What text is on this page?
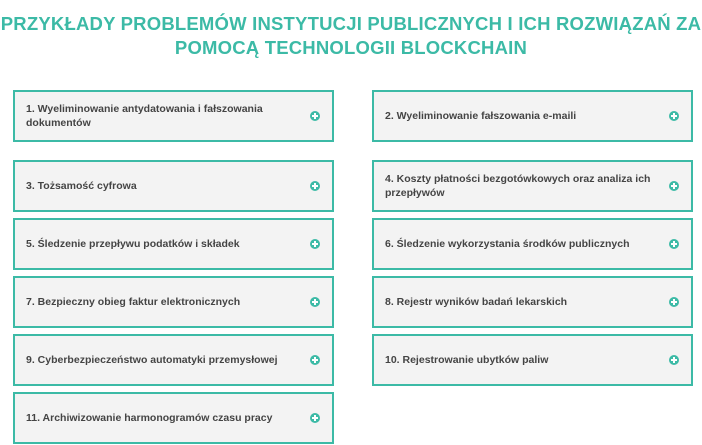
PRZYKŁADY PROBLEMÓW INSTYTUCJI PUBLICZNYCH I ICH ROZWIĄZAŃ ZA
POMOCĄ TECHNOLOGII BLOCKCHAIN
1. Wyeliminowanie antydatowania i fałszowania dokumentów
2. Wyeliminowanie fałszowania e-maili
3. Tożsamość cyfrowa
4. Koszty płatności bezgotówkowych oraz analiza ich przepływów
5. Śledzenie przepływu podatków i składek	6. Śledzenie wykorzystania środków publicznych
7. Bezpieczny obieg faktur elektronicznych	8. Rejestr wyników badań lekarskich
9. Cyberbezpieczeństwo automatyki przemysłowej	10. Rejestrowanie ubytków paliw
11. Archiwizowanie harmonogramów czasu pracy
